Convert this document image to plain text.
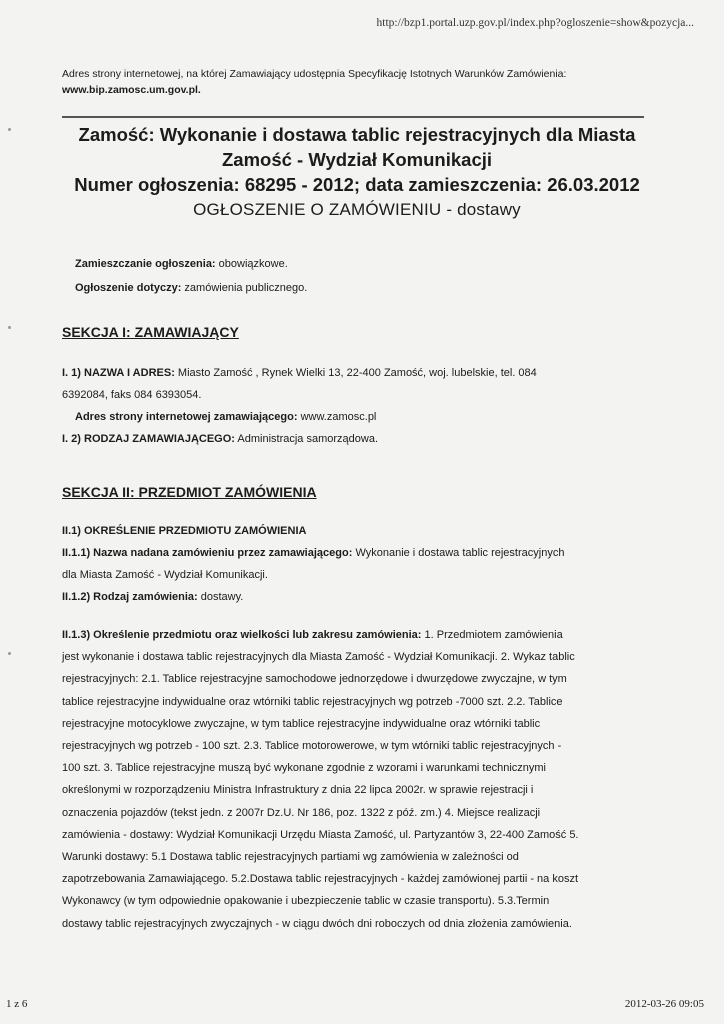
http://bzp1.portal.uzp.gov.pl/index.php?ogloszenie=show&pozycja...
Adres strony internetowej, na której Zamawiający udostępnia Specyfikację Istotnych Warunków Zamówienia:
www.bip.zamosc.um.gov.pl.
Zamość: Wykonanie i dostawa tablic rejestracyjnych dla Miasta
Zamość - Wydział Komunikacji
Numer ogłoszenia: 68295 - 2012; data zamieszczenia: 26.03.2012
OGŁOSZENIE O ZAMÓWIENIU - dostawy
Zamieszczanie ogłoszenia: obowiązkowe.
Ogłoszenie dotyczy: zamówienia publicznego.
SEKCJA I: ZAMAWIAJĄCY

I. 1) NAZWA I ADRES: Miasto Zamość , Rynek Wielki 13, 22-400 Zamość, woj. lubelskie, tel. 084

6392084, faks 084 6393054.

Adres strony internetowej zamawiającego: www.zamosc.pl

I. 2) RODZAJ ZAMAWIAJĄCEGO: Administracja samorządowa.

SEKCJA II: PRZEDMIOT ZAMÓWIENIA

II.1) OKREŚLENIE PRZEDMIOTU ZAMÓWIENIA

II.1.1) Nazwa nadana zamówieniu przez zamawiającego: Wykonanie i dostawa tablic rejestracyjnych

dla Miasta Zamość - Wydział Komunikacji.

II.1.2) Rodzaj zamówienia: dostawy.

II.1.3) Określenie przedmiotu oraz wielkości lub zakresu zamówienia: 1. Przedmiotem zamówienia
jest wykonanie i dostawa tablic rejestracyjnych dla Miasta Zamość - Wydział Komunikacji. 2. Wykaz tablic
rejestracyjnych: 2.1. Tablice rejestracyjne samochodowe jednorzędowe i dwurzędowe zwyczajne, w tym
tablice rejestracyjne indywidualne oraz wtórniki tablic rejestracyjnych wg potrzeb -7000 szt. 2.2. Tablice
rejestracyjne motocyklowe zwyczajne, w tym tablice rejestracyjne indywidualne oraz wtórniki tablic
rejestracyjnych wg potrzeb - 100 szt. 2.3. Tablice motorowerowe, w tym wtórniki tablic rejestracyjnych -
100 szt. 3. Tablice rejestracyjne muszą być wykonane zgodnie z wzorami i warunkami technicznymi
określonymi w rozporządzeniu Ministra Infrastruktury z dnia 22 lipca 2002r. w sprawie rejestracji i
oznaczenia pojazdów (tekst jedn. z 2007r Dz.U. Nr 186, poz. 1322 z póź. zm.) 4. Miejsce realizacji
zamówienia - dostawy: Wydział Komunikacji Urzędu Miasta Zamość, ul. Partyzantów 3, 22-400 Zamość 5.
Warunki dostawy: 5.1 Dostawa tablic rejestracyjnych partiami wg zamówienia w zależności od
zapotrzebowania Zamawiającego. 5.2.Dostawa tablic rejestracyjnych - każdej zamówionej partii - na koszt
Wykonawcy (w tym odpowiednie opakowanie i ubezpieczenie tablic w czasie transportu). 5.3.Termin
dostawy tablic rejestracyjnych zwyczajnych - w ciągu dwóch dni roboczych od dnia złożenia zamówienia.
1 z 6	2012-03-26 09:05
